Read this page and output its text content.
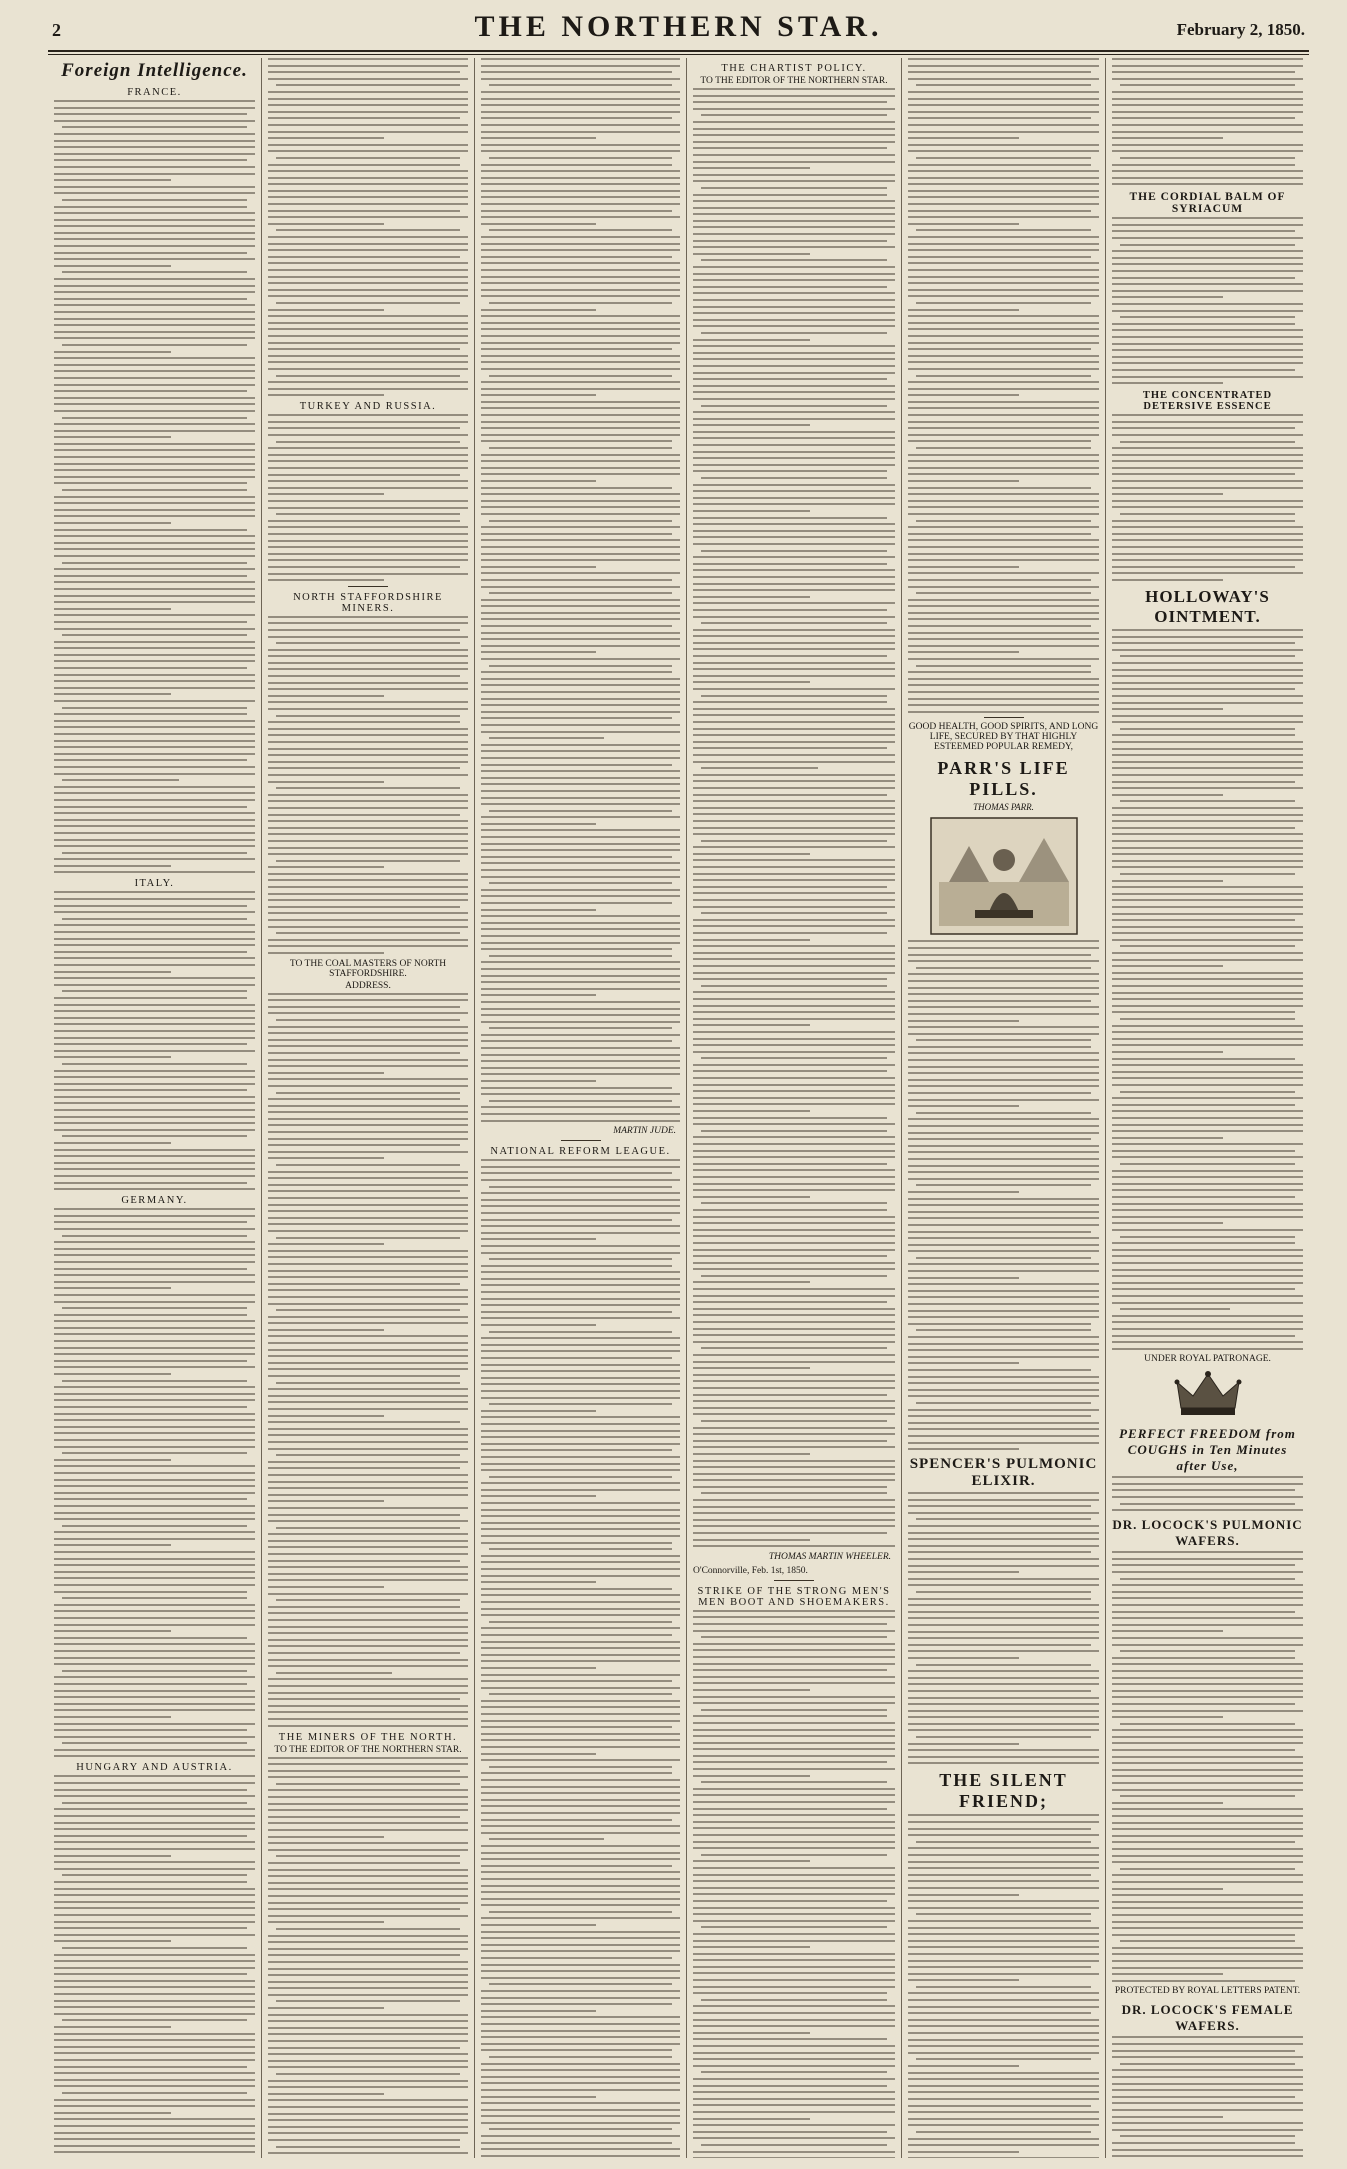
2	THE NORTHERN STAR.	February 2, 1850.
Foreign Intelligence.
FRANCE.
ITALY.
GERMANY.
HUNGARY AND AUSTRIA.
TURKEY AND RUSSIA.
NORTH STAFFORDSHIRE MINERS.
TO THE COAL MASTERS OF NORTH STAFFORDSHIRE.
ADDRESS.
THE MINERS OF THE NORTH.
TO THE EDITOR OF THE NORTHERN STAR.
MARTIN JUDE.
NATIONAL REFORM LEAGUE.
THE CHARTIST POLICY.
TO THE EDITOR OF THE NORTHERN STAR.
THOMAS MARTIN WHEELER.
O'Connorville, Feb. 1st, 1850.
STRIKE OF THE STRONG MEN'S MEN BOOT AND SHOEMAKERS.
GOOD HEALTH, GOOD SPIRITS, AND LONG LIFE, SECURED BY THAT HIGHLY ESTEEMED POPULAR REMEDY,
PARR'S LIFE PILLS.
THOMAS PARR.
SPENCER'S PULMONIC ELIXIR.
THE SILENT FRIEND;
THE CORDIAL BALM OF SYRIACUM
THE CONCENTRATED DETERSIVE ESSENCE
HOLLOWAY'S OINTMENT.
UNDER ROYAL PATRONAGE.
PERFECT FREEDOM from COUGHS in Ten Minutes after Use,
DR. LOCOCK'S PULMONIC WAFERS.
PROTECTED BY ROYAL LETTERS PATENT.
DR. LOCOCK'S FEMALE WAFERS.
